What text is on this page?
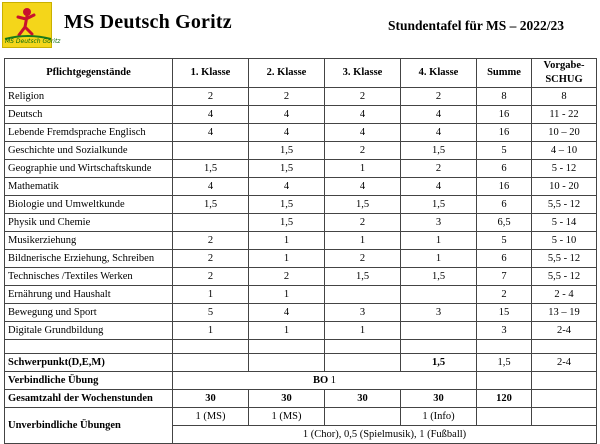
MS Deutsch Goritz
MS Deutsch Goritz	Stundentafel für MS – 2022/23
Pflichtgegenstände	1. Klasse	2. Klasse	3. Klasse	4. Klasse	Summe	Vorgabe-
SCHUG
Religion	2	2	2	2	8	8
Deutsch	4	4	4	4	16	11 - 22
Lebende Fremdsprache Englisch	4	4	4	4	16	10 – 20
Geschichte und Sozialkunde		1,5	2	1,5	5	4 – 10
Geographie und Wirtschaftskunde	1,5	1,5	1	2	6	5 - 12
Mathematik	4	4	4	4	16	10 - 20
Biologie und Umweltkunde	1,5	1,5	1,5	1,5	6	5,5 - 12
Physik und Chemie		1,5	2	3	6,5	5 - 14
Musikerziehung	2	1	1	1	5	5 - 10
Bildnerische Erziehung, Schreiben	2	1	2	1	6	5,5 - 12
Technisches /Textiles Werken	2	2	1,5	1,5	7	5,5 - 12
Ernährung und Haushalt	1	1			2	2 - 4
Bewegung und Sport	5	4	3	3	15	13 – 19
Digitale Grundbildung	1	1	1		3	2-4

Schwerpunkt(D,E,M)				1,5	1,5	2-4
Verbindliche Übung	BO 1					
Gesamtzahl der Wochenstunden	30	30	30	30	120	
Unverbindliche Übungen	1 (MS)	1 (MS)		1 (Info)		
	1 (Chor), 0,5 (Spielmusik), 1 (Fußball)					
